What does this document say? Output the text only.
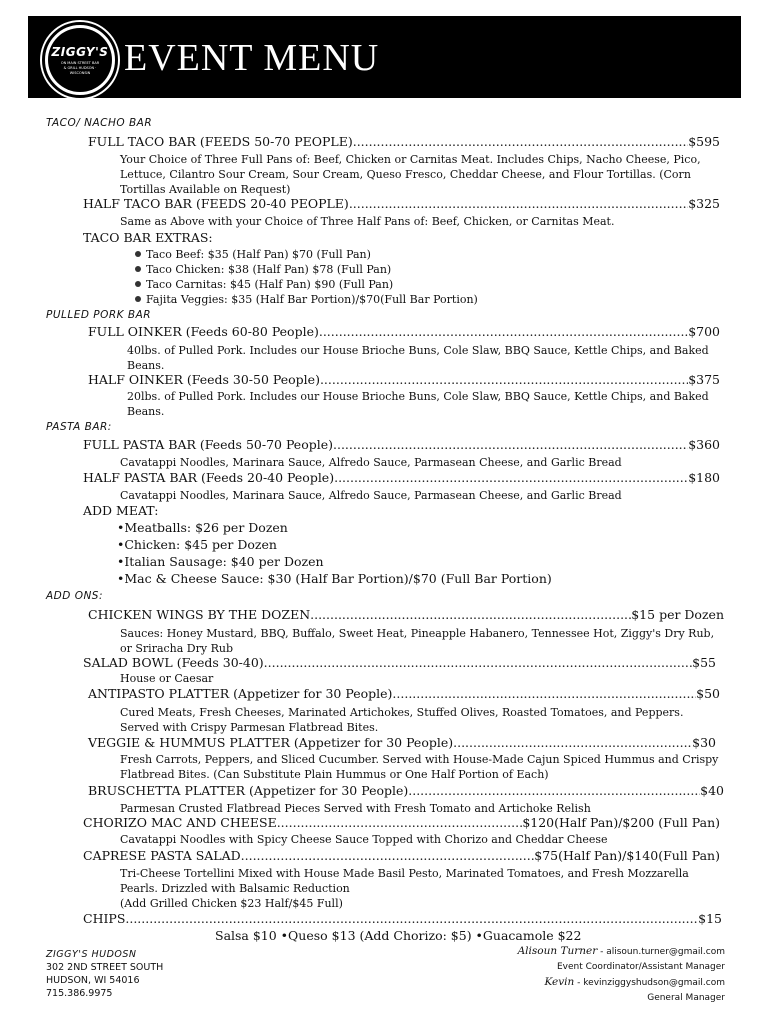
ZIGGY'S
ON MAIN STREET BAR & GRILL HUDSON · WISCONSIN EVENT MENU
TACO/ NACHO BAR
FULL TACO BAR (FEEDS 50-70 PEOPLE) .....	$595
Your Choice of Three Full Pans of: Beef, Chicken or Carnitas Meat. Includes Chips, Nacho Cheese, Pico, Lettuce, Cilantro Sour Cream, Sour Cream, Queso Fresco, Cheddar Cheese, and Flour Tortillas. (Corn Tortillas Available on Request)
HALF TACO BAR (FEEDS 20-40 PEOPLE) .....	$325
Same as Above with your Choice of Three Half Pans of: Beef, Chicken, or Carnitas Meat.
TACO BAR EXTRAS:
Taco Beef: $35 (Half Pan) $70 (Full Pan)
Taco Chicken: $38 (Half Pan) $78 (Full Pan)
Taco Carnitas: $45 (Half Pan) $90 (Full Pan)
Fajita Veggies: $35 (Half Bar Portion)/$70(Full Bar Portion)
PULLED PORK BAR
FULL OINKER (Feeds 60-80 People) .....	$700
40lbs. of Pulled Pork. Includes our House Brioche Buns, Cole Slaw, BBQ Sauce, Kettle Chips, and Baked Beans.
HALF OINKER (Feeds 30-50 People) .....	$375
20lbs. of Pulled Pork. Includes our House Brioche Buns, Cole Slaw, BBQ Sauce, Kettle Chips, and Baked Beans.
PASTA BAR:
FULL PASTA BAR (Feeds 50-70 People) .....	$360
Cavatappi Noodles, Marinara Sauce, Alfredo Sauce, Parmasean Cheese, and Garlic Bread
HALF PASTA BAR (Feeds 20-40 People) .....	$180
Cavatappi Noodles, Marinara Sauce, Alfredo Sauce, Parmasean Cheese, and Garlic Bread
ADD MEAT:
•Meatballs: $26 per Dozen
•Chicken: $45 per Dozen
•Italian Sausage: $40 per Dozen
•Mac & Cheese Sauce: $30 (Half Bar Portion)/$70 (Full Bar Portion)
ADD ONS:
CHICKEN WINGS BY THE DOZEN .....	$15 per Dozen
Sauces: Honey Mustard, BBQ, Buffalo, Sweet Heat, Pineapple Habanero, Tennessee Hot, Ziggy's Dry Rub, or Sriracha Dry Rub
SALAD BOWL (Feeds 30-40) .....	$55
House or Caesar
ANTIPASTO PLATTER (Appetizer for 30 People) .....	$50
Cured Meats, Fresh Cheeses, Marinated Artichokes, Stuffed Olives, Roasted Tomatoes, and Peppers. Served with Crispy Parmesan Flatbread Bites.
VEGGIE & HUMMUS PLATTER (Appetizer for 30 People) .....	$30
Fresh Carrots, Peppers, and Sliced Cucumber. Served with House-Made Cajun Spiced Hummus and Crispy Flatbread Bites. (Can Substitute Plain Hummus or One Half Portion of Each)
BRUSCHETTA PLATTER (Appetizer for 30 People) .....	$40
Parmesan Crusted Flatbread Pieces Served with Fresh Tomato and Artichoke Relish
CHORIZO MAC AND CHEESE .....	$120(Half Pan)/$200 (Full Pan)
Cavatappi Noodles with Spicy Cheese Sauce Topped with Chorizo and Cheddar Cheese
CAPRESE PASTA SALAD .....	$75(Half Pan)/$140(Full Pan)
Tri-Cheese Tortellini Mixed with House Made Basil Pesto, Marinated Tomatoes, and Fresh Mozzarella Pearls. Drizzled with Balsamic Reduction
(Add Grilled Chicken $23 Half/$45 Full)
CHIPS .....	$15
Salsa $10 •Queso $13 (Add Chorizo: $5) •Guacamole $22
ZIGGY'S HUDOSN
302 2ND STREET SOUTH
HUDSON, WI 54016
715.386.9975
Alisoun Turner - alisoun.turner@gmail.com
Event Coordinator/Assistant Manager
Kevin - kevinziggyshudson@gmail.com
General Manager
